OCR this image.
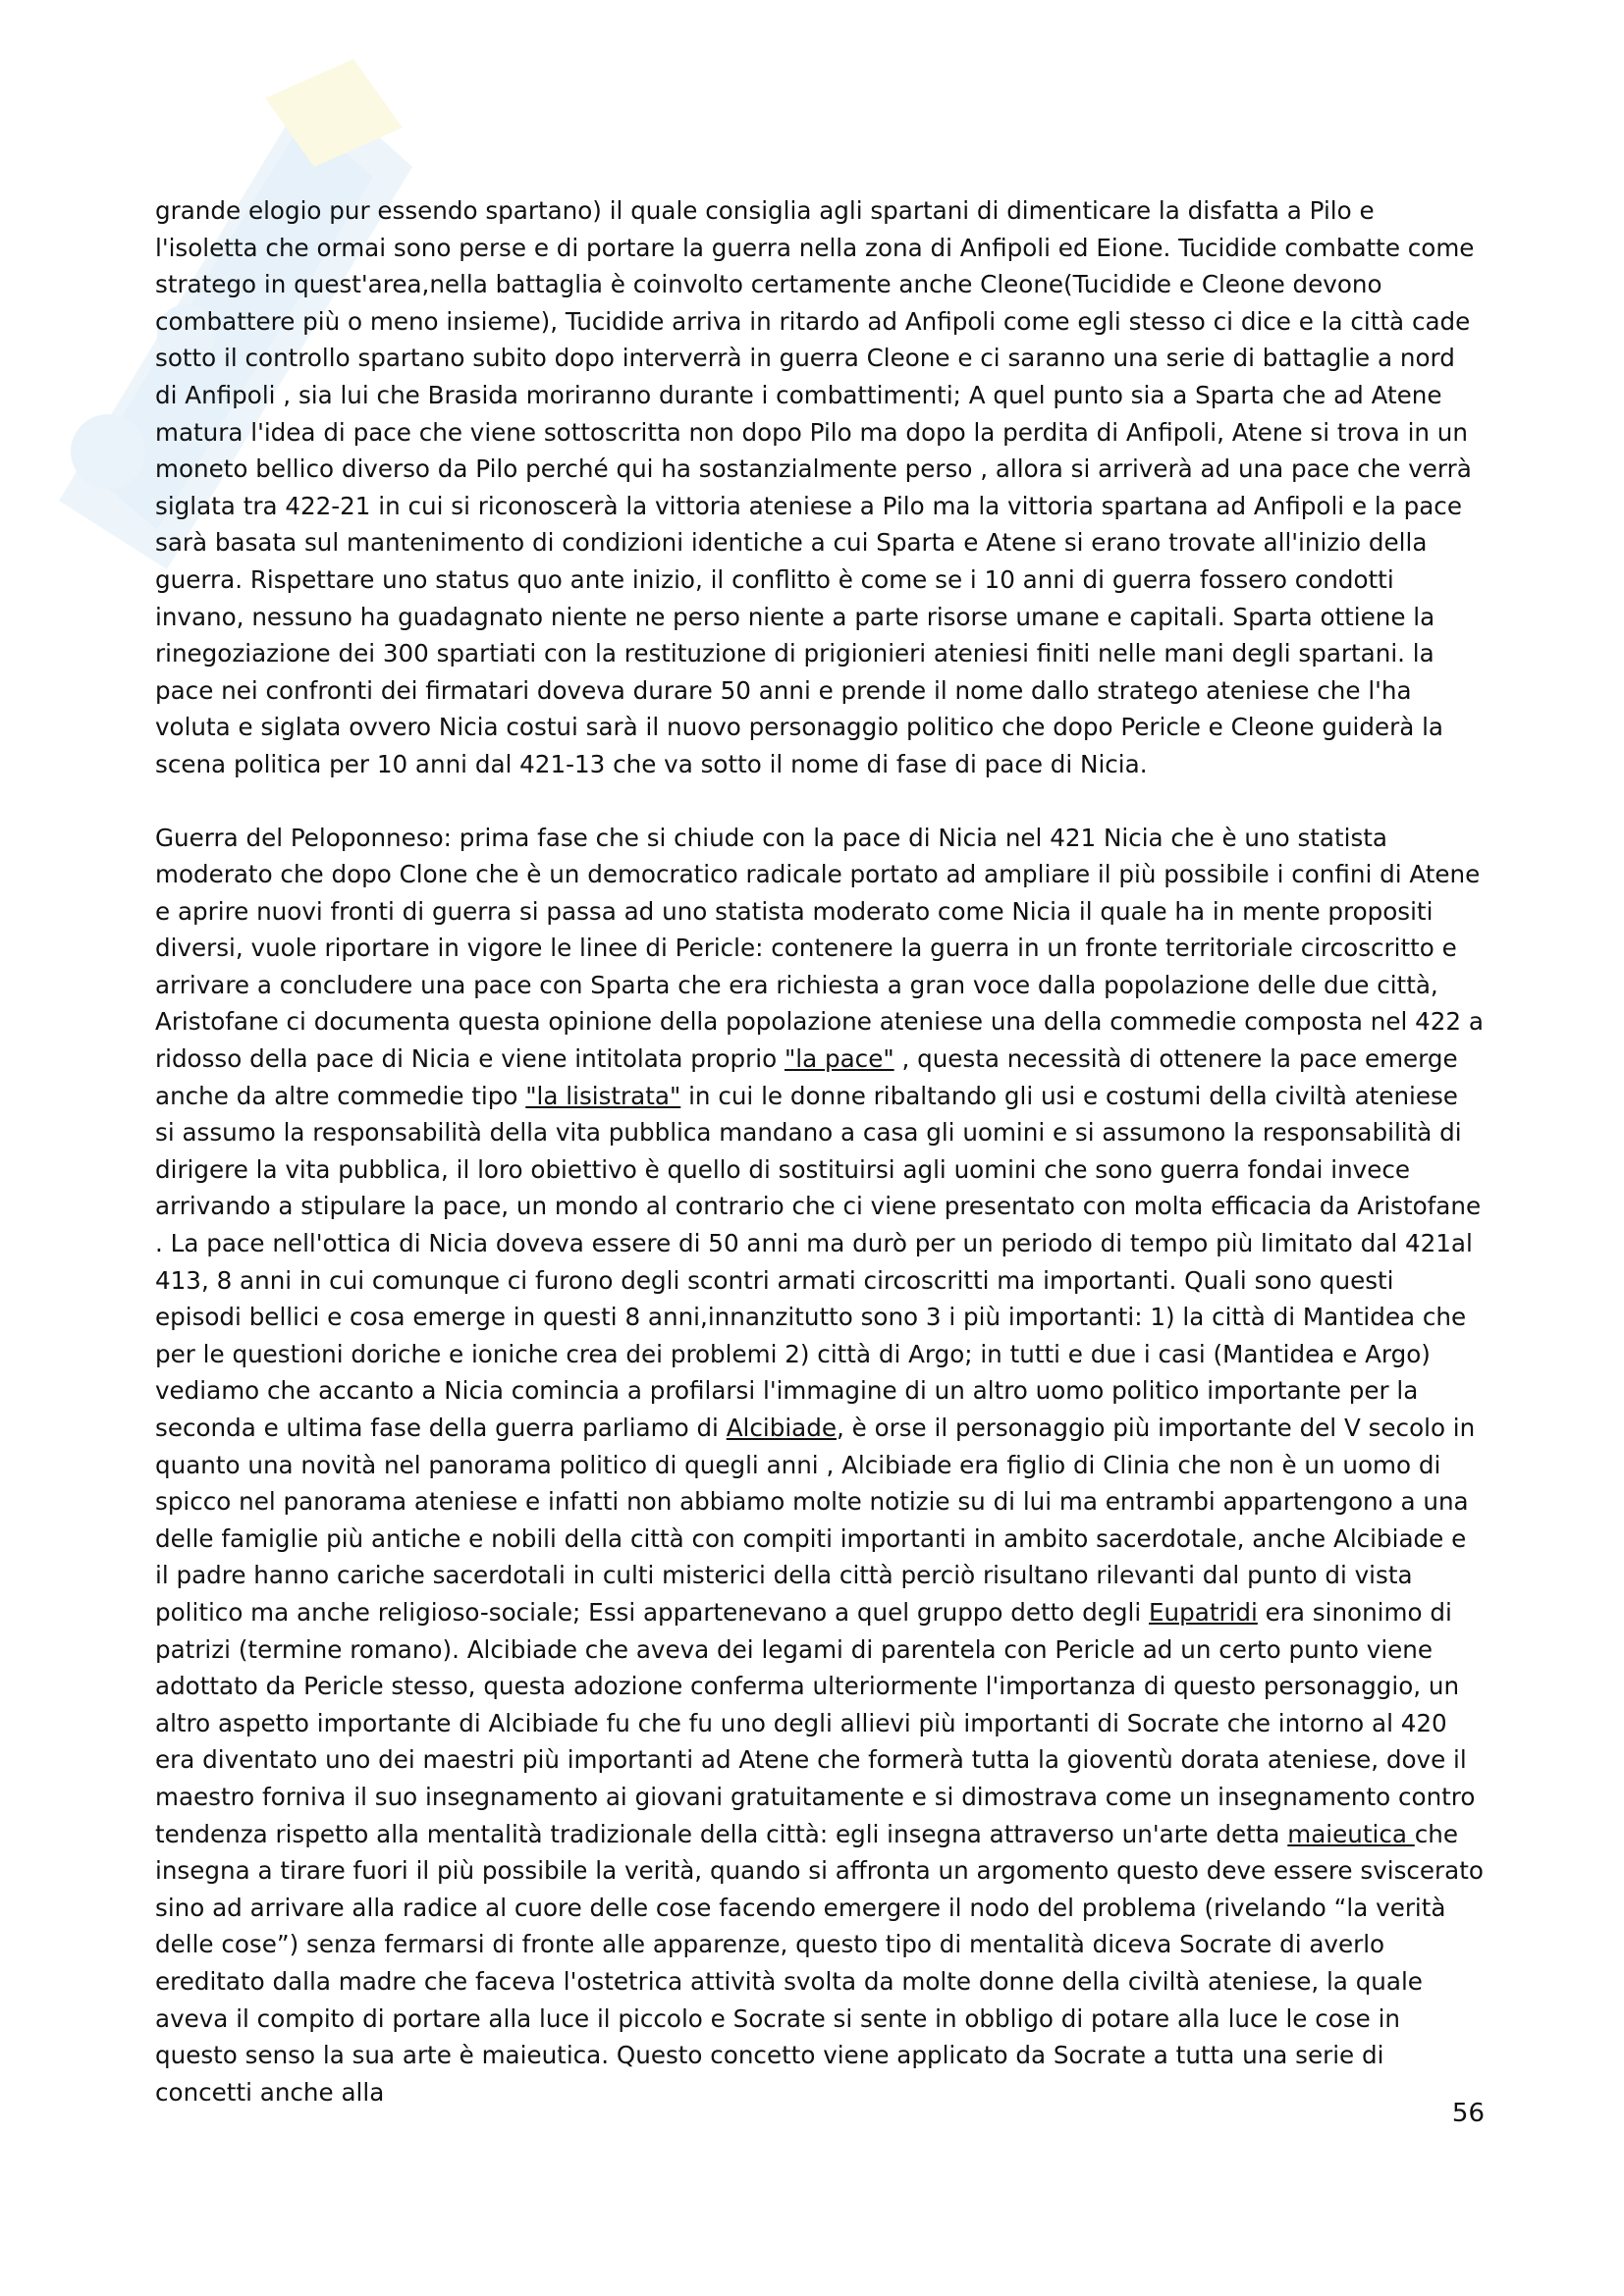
grande elogio pur essendo spartano) il quale consiglia agli spartani di dimenticare la disfatta a Pilo e l'isoletta che ormai sono perse e di portare la guerra nella zona di Anfipoli ed Eione. Tucidide combatte come stratego in quest'area,nella battaglia è coinvolto certamente anche Cleone(Tucidide e Cleone devono combattere più o meno insieme), Tucidide arriva in ritardo ad Anfipoli come egli stesso ci dice e la città cade sotto il controllo spartano subito dopo interverrà in guerra Cleone e ci saranno una serie di battaglie a nord di Anfipoli , sia lui che Brasida moriranno durante i combattimenti; A quel punto sia a Sparta che ad Atene matura l'idea di pace che viene sottoscritta non dopo Pilo ma dopo la perdita di Anfipoli, Atene si trova in un moneto bellico diverso da Pilo perché qui ha sostanzialmente perso , allora si arriverà ad una pace che verrà siglata tra 422-21 in cui si riconoscerà la vittoria ateniese a Pilo ma la vittoria spartana ad Anfipoli e la pace sarà basata sul mantenimento di condizioni identiche a cui Sparta e Atene si erano trovate all'inizio della guerra. Rispettare uno status quo ante inizio, il conflitto è come se i 10 anni di guerra fossero condotti invano, nessuno ha guadagnato niente ne perso niente a parte risorse umane e capitali. Sparta ottiene la rinegoziazione dei 300 spartiati con la restituzione di prigionieri ateniesi finiti nelle mani degli spartani. la pace nei confronti dei firmatari doveva durare 50 anni e prende il nome dallo stratego ateniese che l'ha voluta e siglata ovvero Nicia costui sarà il nuovo personaggio politico che dopo Pericle e Cleone guiderà la scena politica per 10 anni dal 421-13 che va sotto il nome di fase di pace di Nicia.

Guerra del Peloponneso: prima fase che si chiude con la pace di Nicia nel 421 Nicia che è uno statista moderato che dopo Clone che è un democratico radicale portato ad ampliare il più possibile i confini di Atene e aprire nuovi fronti di guerra si passa ad uno statista moderato come Nicia il quale ha in mente propositi diversi, vuole riportare in vigore le linee di Pericle: contenere la guerra in un fronte territoriale circoscritto e arrivare a concludere una pace con Sparta che era richiesta a gran voce dalla popolazione delle due città, Aristofane ci documenta questa opinione della popolazione ateniese una della commedie composta nel 422 a ridosso della pace di Nicia e viene intitolata proprio "la pace" , questa necessità di ottenere la pace emerge anche da altre commedie tipo "la lisistrata" in cui le donne ribaltando gli usi e costumi della civiltà ateniese si assumo la responsabilità della vita pubblica mandano a casa gli uomini e si assumono la responsabilità di dirigere la vita pubblica, il loro obiettivo è quello di sostituirsi agli uomini che sono guerra fondai invece arrivando a stipulare la pace, un mondo al contrario che ci viene presentato con molta efficacia da Aristofane . La pace nell'ottica di Nicia doveva essere di 50 anni ma durò per un periodo di tempo più limitato dal 421al 413, 8 anni in cui comunque ci furono degli scontri armati circoscritti ma importanti. Quali sono questi episodi bellici e cosa emerge in questi 8 anni,innanzitutto sono 3 i più importanti: 1) la città di Mantidea che per le questioni doriche e ioniche crea dei problemi 2) città di Argo; in tutti e due i casi (Mantidea e Argo) vediamo che accanto a Nicia comincia a profilarsi l'immagine di un altro uomo politico importante per la seconda e ultima fase della guerra parliamo di Alcibiade, è orse il personaggio più importante del V secolo in quanto una novità nel panorama politico di quegli anni , Alcibiade era figlio di Clinia che non è un uomo di spicco nel panorama ateniese e infatti non abbiamo molte notizie su di lui ma entrambi appartengono a una delle famiglie più antiche e nobili della città con compiti importanti in ambito sacerdotale, anche Alcibiade e il padre hanno cariche sacerdotali in culti misterici della città perciò risultano rilevanti dal punto di vista politico ma anche religioso-sociale; Essi appartenevano a quel gruppo detto degli Eupatridi era sinonimo di patrizi (termine romano). Alcibiade che aveva dei legami di parentela con Pericle ad un certo punto viene adottato da Pericle stesso, questa adozione conferma ulteriormente l'importanza di questo personaggio, un altro aspetto importante di Alcibiade fu che fu uno degli allievi più importanti di Socrate che intorno al 420 era diventato uno dei maestri più importanti ad Atene che formerà tutta la gioventù dorata ateniese, dove il maestro forniva il suo insegnamento ai giovani gratuitamente e si dimostrava come un insegnamento contro tendenza rispetto alla mentalità tradizionale della città: egli insegna attraverso un'arte detta maieutica che insegna a tirare fuori il più possibile la verità, quando si affronta un argomento questo deve essere sviscerato sino ad arrivare alla radice al cuore delle cose facendo emergere il nodo del problema (rivelando “la verità delle cose”) senza fermarsi di fronte alle apparenze, questo tipo di mentalità diceva Socrate di averlo ereditato dalla madre che faceva l'ostetrica attività svolta da molte donne della civiltà ateniese, la quale aveva il compito di portare alla luce il piccolo e Socrate si sente in obbligo di potare alla luce le cose in questo senso la sua arte è maieutica. Questo concetto viene applicato da Socrate a tutta una serie di concetti anche alla

56
